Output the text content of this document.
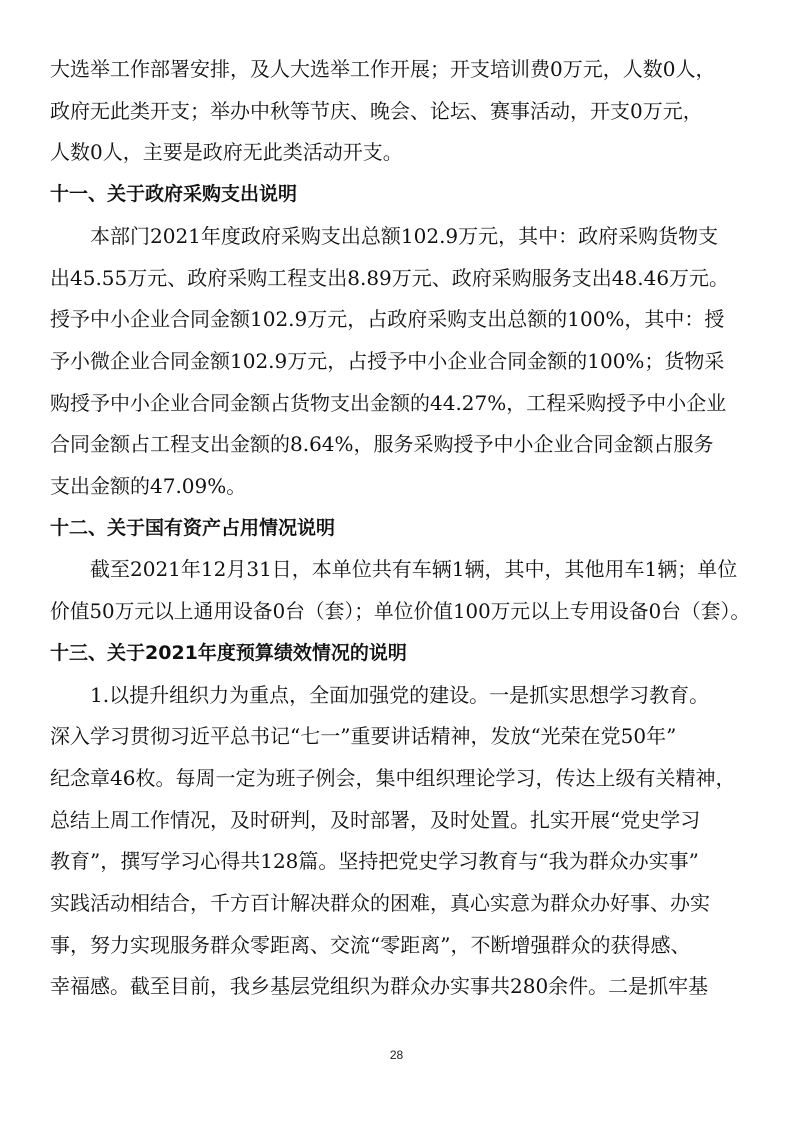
大选举工作部署安排，及人大选举工作开展；开支培训费0万元，人数0人，
政府无此类开支；举办中秋等节庆、晚会、论坛、赛事活动，开支0万元，
人数0人，主要是政府无此类活动开支。
十一、关于政府采购支出说明
本部门2021年度政府采购支出总额102.9万元，其中：政府采购货物支
出45.55万元、政府采购工程支出8.89万元、政府采购服务支出48.46万元。
授予中小企业合同金额102.9万元，占政府采购支出总额的100%，其中：授
予小微企业合同金额102.9万元，占授予中小企业合同金额的100%；货物采
购授予中小企业合同金额占货物支出金额的44.27%，工程采购授予中小企业
合同金额占工程支出金额的8.64%，服务采购授予中小企业合同金额占服务
支出金额的47.09%。
十二、关于国有资产占用情况说明
截至2021年12月31日，本单位共有车辆1辆，其中，其他用车1辆；单位
价值50万元以上通用设备0台（套）；单位价值100万元以上专用设备0台（套）。
十三、关于2021年度预算绩效情况的说明
1.以提升组织力为重点，全面加强党的建设。一是抓实思想学习教育。
深入学习贯彻习近平总书记“七一”重要讲话精神，发放“光荣在党50年”
纪念章46枚。每周一定为班子例会，集中组织理论学习，传达上级有关精神，
总结上周工作情况，及时研判，及时部署，及时处置。扎实开展“党史学习
教育”，撰写学习心得共128篇。坚持把党史学习教育与“我为群众办实事”
实践活动相结合，千方百计解决群众的困难，真心实意为群众办好事、办实
事，努力实现服务群众零距离、交流“零距离”，不断增强群众的获得感、
幸福感。截至目前，我乡基层党组织为群众办实事共280余件。二是抓牢基
28
